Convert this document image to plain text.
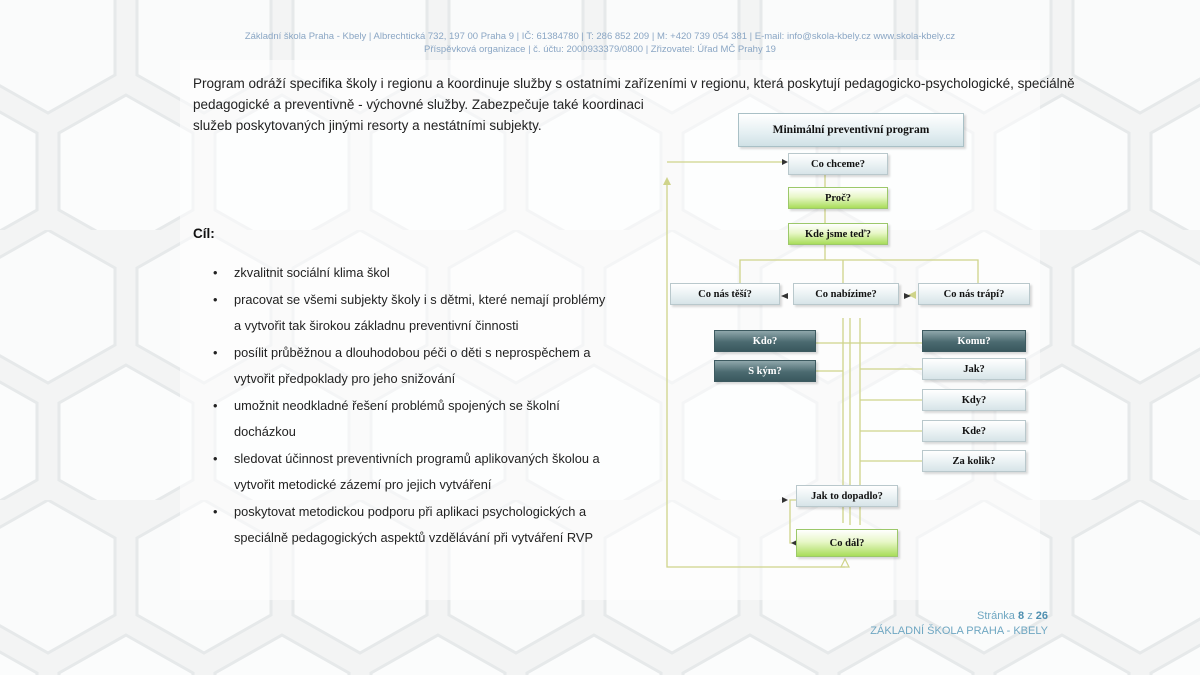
Základní škola Praha - Kbely | Albrechtická 732, 197 00 Praha 9 | IČ: 61384780 | T: 286 852 209 | M: +420 739 054 381 | E-mail: info@skola-kbely.cz www.skola-kbely.cz
Příspěvková organizace | č. účtu: 2000933379/0800 | Zřizovatel: Úřad MČ Prahy 19
Program odráží specifika školy i regionu a koordinuje služby s ostatními zařízeními v regionu, která poskytují pedagogicko-psychologické, speciálně
pedagogické a preventivně - výchovné služby. Zabezpečuje také koordinaci
služeb poskytovaných jinými resorty a nestátními subjekty.
Cíl:
• zkvalitnit sociální klima škol
• pracovat se všemi subjekty školy i s dětmi, které nemají problémy
a vytvořit tak širokou základnu preventivní činnosti
• posílit průběžnou a dlouhodobou péči o děti s neprospěchem a
vytvořit předpoklady pro jeho snižování
• umožnit neodkladné řešení problémů spojených se školní
docházkou
• sledovat účinnost preventivních programů aplikovaných školou a
vytvořit metodické zázemí pro jejich vytváření
• poskytovat metodickou podporu při aplikaci psychologických a
speciálně pedagogických aspektů vzdělávání při vytváření RVP
Minimální preventivní program
Co chceme?
Proč?
Kde jsme teď?
Co nás těší?	Co nabízime?	Co nás trápí?
Kdo?
S kým?
Komu?
Jak?
Kdy?
Kde?
Za kolik?
Jak to dopadlo?
Co dál?
Stránka 8 z 26
ZÁKLADNÍ ŠKOLA PRAHA - KBELY
